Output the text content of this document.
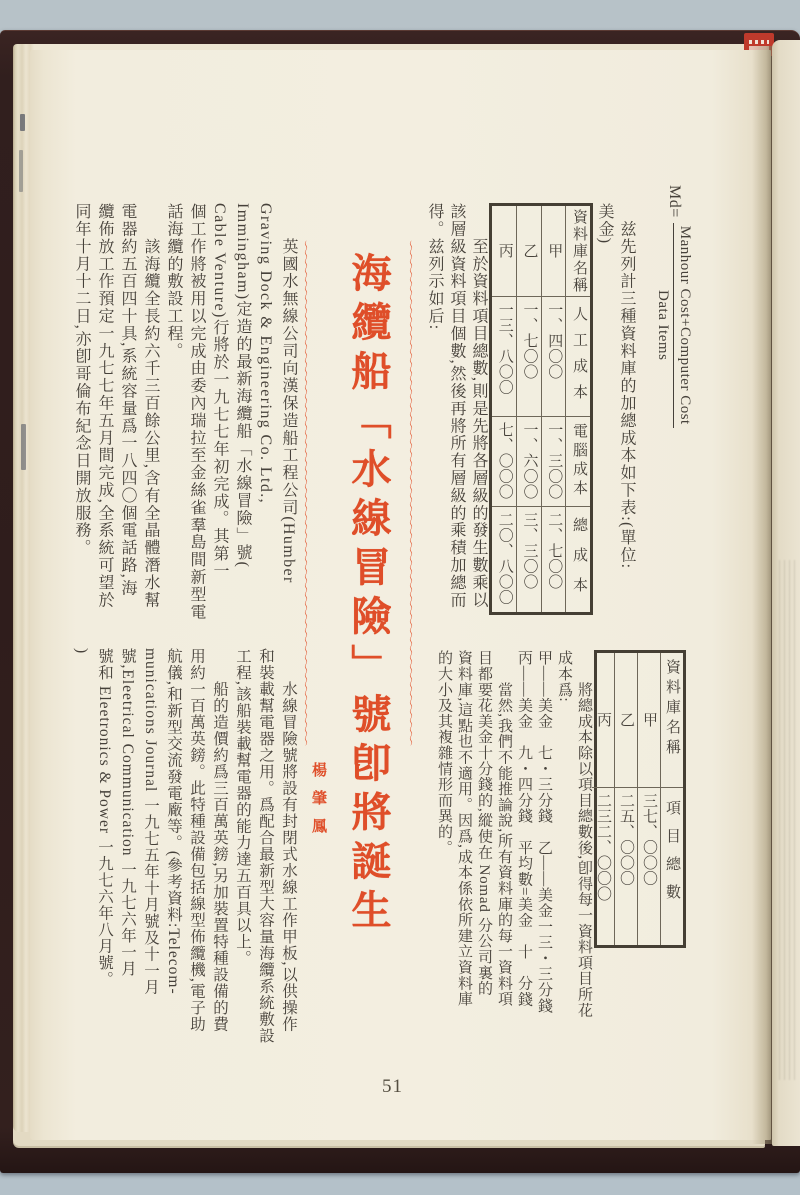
Md=
Manhour Cost+Computer Cost
Data Items
　兹先列計三種資料庫的加總成本如下表:(單位:
美金)
資料庫名稱
人工成本
電腦成本
總成本
甲
一、四〇〇
一、三〇〇
二、七〇〇
乙
一、七〇〇
一、六〇〇
三、三〇〇
丙
一三、八〇〇
七、〇〇〇
二〇、八〇〇
　　至於資料項目總數,則是先將各層級的發生數乘以
該層級資料項目個數,然後再將所有層級的乘積加總而
得。兹列示如后:
資料庫名稱
項目總數
甲
三七、〇〇〇
乙
二五、〇〇〇
丙
二三二、〇〇〇
　　將總成本除以項目總數後,卽得每一資料項目所花
成本爲:
甲——美金　七・三分錢　乙——美金一三・三分錢
丙——美金　九・四分錢　平均數=美金　十　分錢
　　當然,我們不能推論說,所有資料庫的每一資料項
目都要花美金十分錢的,縱使在 Nomad 分公司裏的
資料庫,這點也不適用。因爲,成本係依所建立資料庫
的大小及其複雜情形而異的。
〜〜〜〜〜〜〜〜〜〜〜〜〜〜〜〜〜〜〜〜〜〜〜〜〜〜〜〜〜〜〜〜〜〜〜〜〜〜〜〜〜〜〜〜〜〜〜〜〜〜〜〜〜〜〜〜
海纜船「水線冒險」號卽將誕生
楊肇鳳
〜〜〜〜〜〜〜〜〜〜〜〜〜〜〜〜〜〜〜〜〜〜〜〜〜〜〜〜〜〜〜〜〜〜〜〜〜〜〜〜〜〜〜〜〜〜〜〜〜〜〜〜〜〜〜〜
　　英國水無線公司向漢保造船工程公司(Humber
Graving Dock & Engineering Co. Ltd.,
Immingham)定造的最新海纜船「水線冒險」號(
Cable Venture)行將於一九七七年初完成。其第一
個工作將被用以完成由委內瑞拉至金絲雀羣島間新型電
話海纜的敷設工程。
　　該海纜全長約六千三百餘公里,含有全晶體潛水幫
電器約五百四十具,系統容量爲一八四〇個電話路,海
纜佈放工作預定一九七七年五月間完成,全系統可望於
同年十月十二日,亦卽哥倫布紀念日開放服務。
　　水線冒險號將設有封閉式水線工作甲板,以供操作
和裝載幫電器之用。爲配合最新型大容量海纜系統敷設
工程,該船裝載幫電器的能力達五百具以上。
　　船的造價約爲三百萬英鎊,另加裝置特種設備的費
用約一百萬英鎊。此特種設備包括線型佈纜機,電子助
航儀,和新型交流發電廠等。(參考資料:Telecom-
munications Journal 一九七五年十月號及十一月
號,Eleetrical Communication 一九七六年一月
號和 Eleetronics & Power 一九七六年八月號。
)
51
